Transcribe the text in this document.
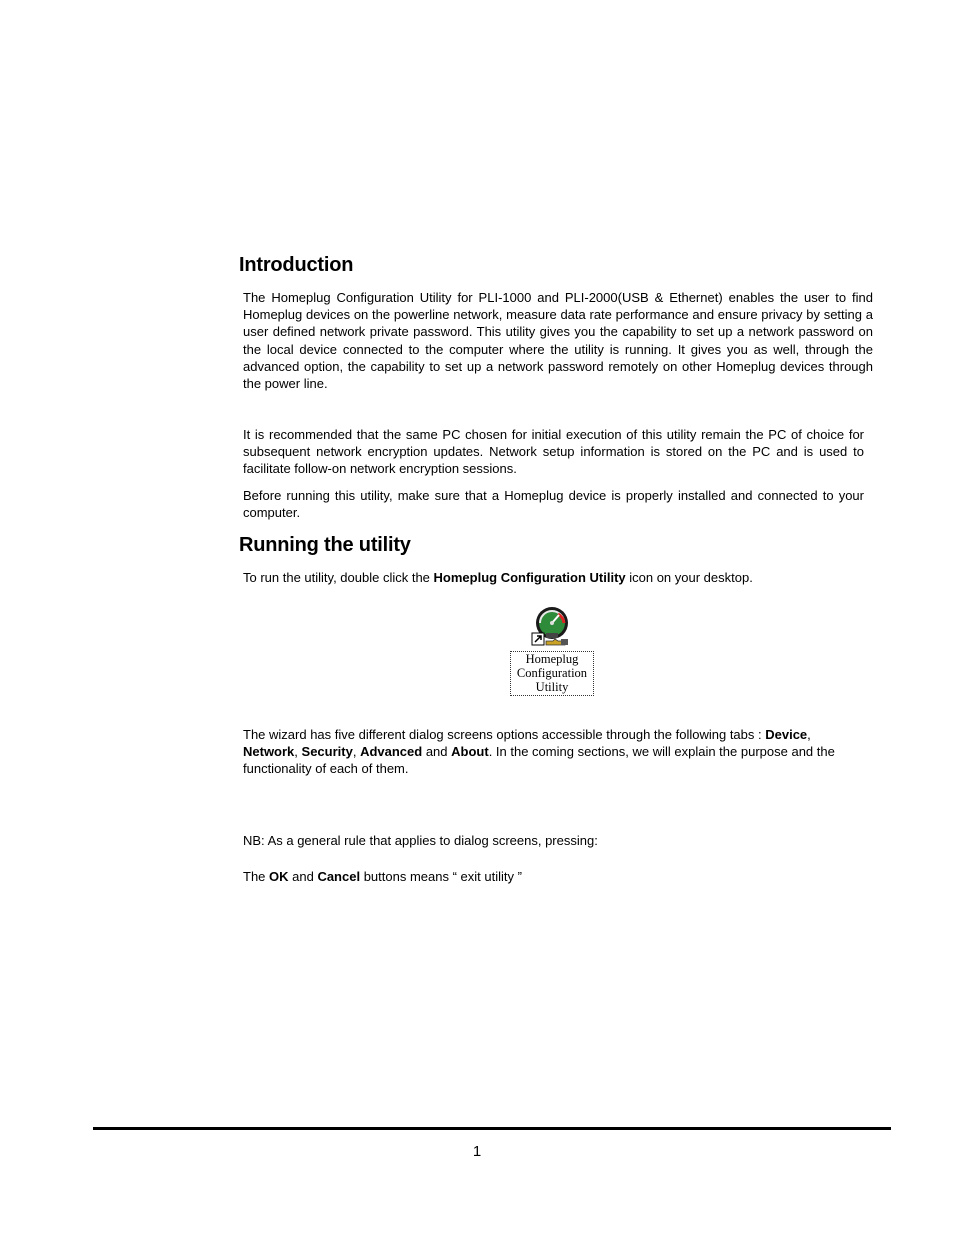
Introduction

The Homeplug Configuration Utility for PLI-1000 and PLI-2000(USB & Ethernet) enables the user to find Homeplug devices on the powerline network, measure data rate performance and ensure privacy by setting a user defined network private password. This utility gives you the capability to set up a network password on the local device connected to the computer where the utility is running. It gives you as well, through the advanced option, the capability to set up a network password remotely on other Homeplug devices through the power line.

It is recommended that the same PC chosen for initial execution of this utility remain the PC of choice for subsequent network encryption updates. Network setup information is stored on the PC and is used to facilitate follow-on network encryption sessions.

Before running this utility, make sure that a Homeplug device is properly installed and connected to your computer.

Running the utility

To run the utility, double click the Homeplug Configuration Utility icon on your desktop.

Homeplug
Configuration
Utility

The wizard has five different dialog screens options accessible through the following tabs : Device, Network, Security, Advanced and About. In the coming sections, we will explain the purpose and the functionality of each of them.

NB: As a general rule that applies to dialog screens, pressing:

The OK and Cancel buttons means “ exit utility ”

1
